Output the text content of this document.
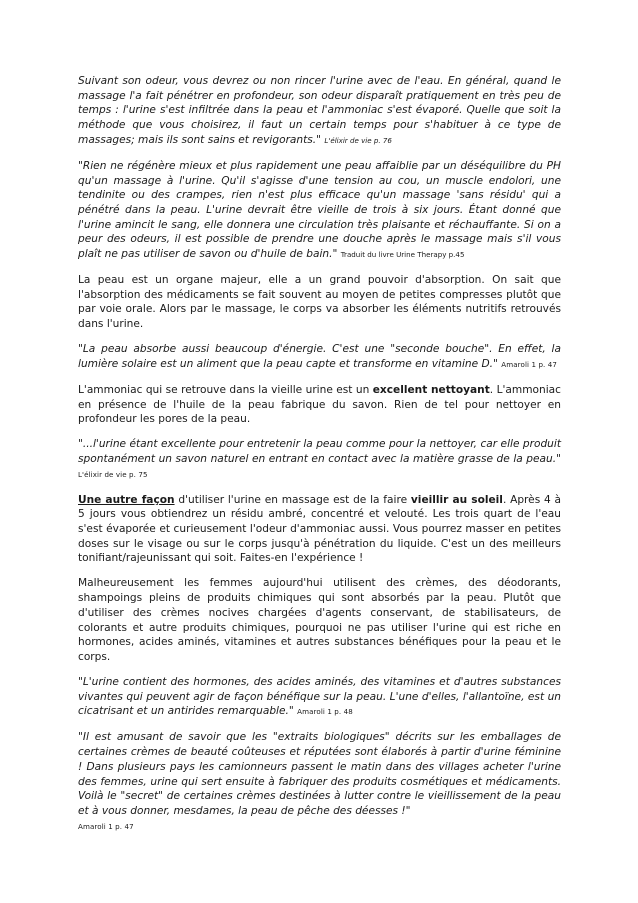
Suivant son odeur, vous devrez ou non rincer l'urine avec de l'eau. En général, quand le massage l'a fait pénétrer en profondeur, son odeur disparaît pratiquement en très peu de temps : l'urine s'est infiltrée dans la peau et l'ammoniac s'est évaporé. Quelle que soit la méthode que vous choisirez, il faut un certain temps pour s'habituer à ce type de massages; mais ils sont sains et revigorants." L'élixir de vie p. 76

"Rien ne régénère mieux et plus rapidement une peau affaiblie par un déséquilibre du PH qu'un massage à l'urine. Qu'il s'agisse d'une tension au cou, un muscle endolori, une tendinite ou des crampes, rien n'est plus efficace qu'un massage 'sans résidu' qui a pénétré dans la peau. L'urine devrait être vieille de trois à six jours. Étant donné que l'urine amincit le sang, elle donnera une circulation très plaisante et réchauffante. Si on a peur des odeurs, il est possible de prendre une douche après le massage mais s'il vous plaît ne pas utiliser de savon ou d'huile de bain." Traduit du livre Urine Therapy p.45

La peau est un organe majeur, elle a un grand pouvoir d'absorption. On sait que l'absorption des médicaments se fait souvent au moyen de petites compresses plutôt que par voie orale. Alors par le massage, le corps va absorber les éléments nutritifs retrouvés dans l'urine.

"La peau absorbe aussi beaucoup d'énergie. C'est une "seconde bouche". En effet, la lumière solaire est un aliment que la peau capte et transforme en vitamine D." Amaroli 1 p. 47

L'ammoniac qui se retrouve dans la vieille urine est un excellent nettoyant. L'ammoniac en présence de l'huile de la peau fabrique du savon. Rien de tel pour nettoyer en profondeur les pores de la peau.

"...l'urine étant excellente pour entretenir la peau comme pour la nettoyer, car elle produit spontanément un savon naturel en entrant en contact avec la matière grasse de la peau." L'élixir de vie p. 75

Une autre façon d'utiliser l'urine en massage est de la faire vieillir au soleil. Après 4 à 5 jours vous obtiendrez un résidu ambré, concentré et velouté. Les trois quart de l'eau s'est évaporée et curieusement l'odeur d'ammoniac aussi. Vous pourrez masser en petites doses sur le visage ou sur le corps jusqu'à pénétration du liquide. C'est un des meilleurs tonifiant/rajeunissant qui soit. Faites-en l'expérience !

Malheureusement les femmes aujourd'hui utilisent des crèmes, des déodorants, shampoings pleins de produits chimiques qui sont absorbés par la peau. Plutôt que d'utiliser des crèmes nocives chargées d'agents conservant, de stabilisateurs, de colorants et autre produits chimiques, pourquoi ne pas utiliser l'urine qui est riche en hormones, acides aminés, vitamines et autres substances bénéfiques pour la peau et le corps.

"L'urine contient des hormones, des acides aminés, des vitamines et d'autres substances vivantes qui peuvent agir de façon bénéfique sur la peau. L'une d'elles, l'allantoïne, est un cicatrisant et un antirides remarquable." Amaroli 1 p. 48

"Il est amusant de savoir que les "extraits biologiques" décrits sur les emballages de certaines crèmes de beauté coûteuses et réputées sont élaborés à partir d'urine féminine ! Dans plusieurs pays les camionneurs passent le matin dans des villages acheter l'urine des femmes, urine qui sert ensuite à fabriquer des produits cosmétiques et médicaments. Voilà le "secret" de certaines crèmes destinées à lutter contre le vieillissement de la peau et à vous donner, mesdames, la peau de pêche des déesses !"
Amaroli 1 p. 47
